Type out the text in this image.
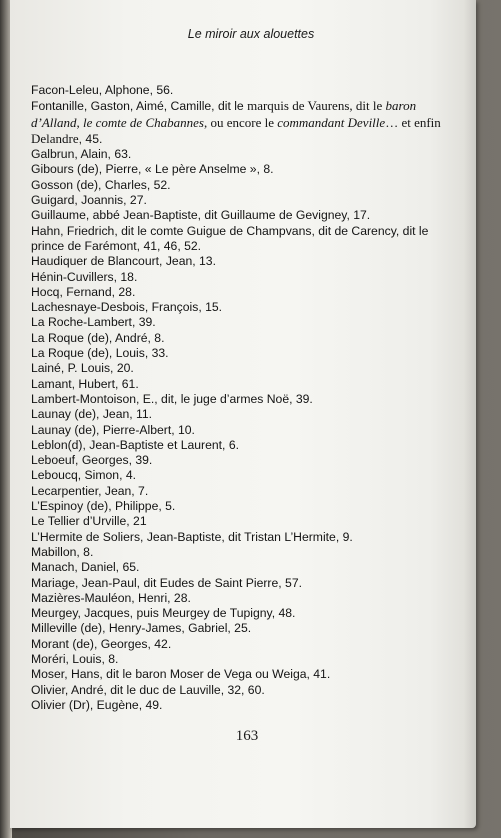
Le miroir aux alouettes

Facon-Leleu, Alphone, 56.
Fontanille, Gaston, Aimé, Camille, dit le marquis de Vaurens, dit le baron d’Alland, le comte de Chabannes, ou encore le commandant Deville… et enfin Delandre, 45.
Galbrun, Alain, 63.
Gibours (de), Pierre, « Le père Anselme », 8.
Gosson (de), Charles, 52.
Guigard, Joannis, 27.
Guillaume, abbé Jean-Baptiste, dit Guillaume de Gevigney, 17.
Hahn, Friedrich, dit le comte Guigue de Champvans, dit de Carency, dit le prince de Farémont, 41, 46, 52.
Haudiquer de Blancourt, Jean, 13.
Hénin-Cuvillers, 18.
Hocq, Fernand, 28.
Lachesnaye-Desbois, François, 15.
La Roche-Lambert, 39.
La Roque (de), André, 8.
La Roque (de), Louis, 33.
Lainé, P. Louis, 20.
Lamant, Hubert, 61.
Lambert-Montoison, E., dit, le juge d’armes Noë, 39.
Launay (de), Jean, 11.
Launay (de), Pierre-Albert, 10.
Leblon(d), Jean-Baptiste et Laurent, 6.
Leboeuf, Georges, 39.
Leboucq, Simon, 4.
Lecarpentier, Jean, 7.
L’Espinoy (de), Philippe, 5.
Le Tellier d’Urville, 21
L’Hermite de Soliers, Jean-Baptiste, dit Tristan L’Hermite, 9.
Mabillon, 8.
Manach, Daniel, 65.
Mariage, Jean-Paul, dit Eudes de Saint Pierre, 57.
Mazières-Mauléon, Henri, 28.
Meurgey, Jacques, puis Meurgey de Tupigny, 48.
Milleville (de), Henry-James, Gabriel, 25.
Morant (de), Georges, 42.
Moréri, Louis, 8.
Moser, Hans, dit le baron Moser de Vega ou Weiga, 41.
Olivier, André, dit le duc de Lauville, 32, 60.
Olivier (Dr), Eugène, 49.

163
